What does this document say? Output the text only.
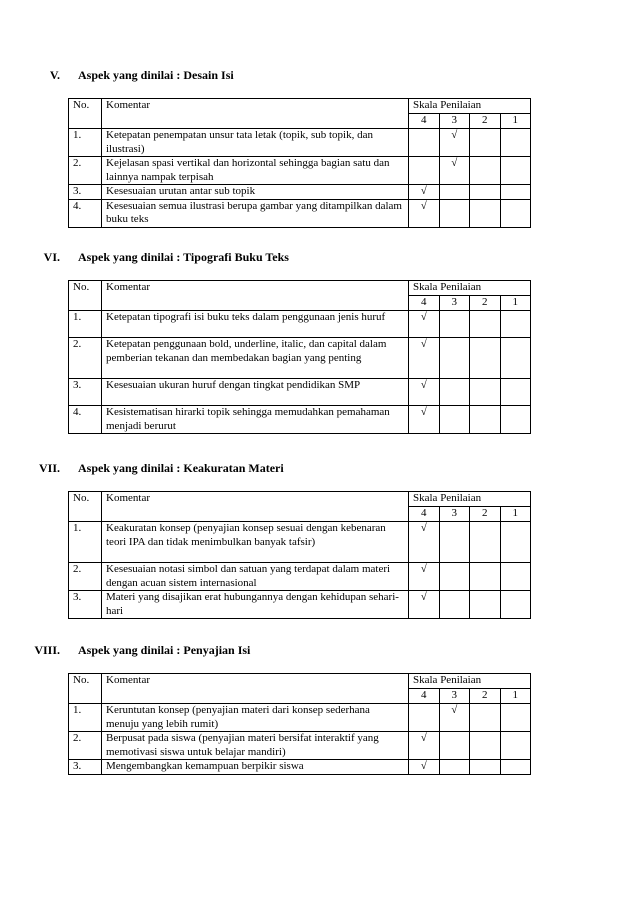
V. Aspek yang dinilai : Desain Isi
No.	Komentar	Skala Penilaian			
		4	3	2	1
1.	Ketepatan penempatan unsur tata letak (topik, sub topik, dan ilustrasi)		√		
2.	Kejelasan spasi vertikal dan horizontal sehingga bagian satu dan lainnya nampak terpisah		√		
3.	Kesesuaian urutan antar sub topik	√			
4.	Kesesuaian semua ilustrasi berupa gambar yang ditampilkan dalam buku teks	√			
VI. Aspek yang dinilai : Tipografi Buku Teks
No.	Komentar	Skala Penilaian			
		4	3	2	1
1.	Ketepatan tipografi isi buku teks dalam penggunaan jenis huruf	√			
2.	Ketepatan penggunaan bold, underline, italic, dan capital dalam pemberian tekanan dan membedakan bagian yang penting	√			
3.	Kesesuaian ukuran huruf dengan tingkat pendidikan SMP	√			
4.	Kesistematisan hirarki topik sehingga memudahkan pemahaman menjadi berurut	√			
VII. Aspek yang dinilai : Keakuratan Materi
No.	Komentar	Skala Penilaian			
		4	3	2	1
1.	Keakuratan konsep (penyajian konsep sesuai dengan kebenaran teori IPA dan tidak menimbulkan banyak tafsir)	√			
2.	Kesesuaian notasi simbol dan satuan yang terdapat dalam materi dengan acuan sistem internasional	√			
3.	Materi yang disajikan erat hubungannya dengan kehidupan sehari-hari	√			
VIII. Aspek yang dinilai : Penyajian Isi
No.	Komentar	Skala Penilaian			
		4	3	2	1
1.	Keruntutan konsep (penyajian materi dari konsep sederhana menuju yang lebih rumit)		√		
2.	Berpusat pada siswa (penyajian materi bersifat interaktif yang memotivasi siswa untuk belajar mandiri)	√			
3.	Mengembangkan kemampuan berpikir siswa	√			
